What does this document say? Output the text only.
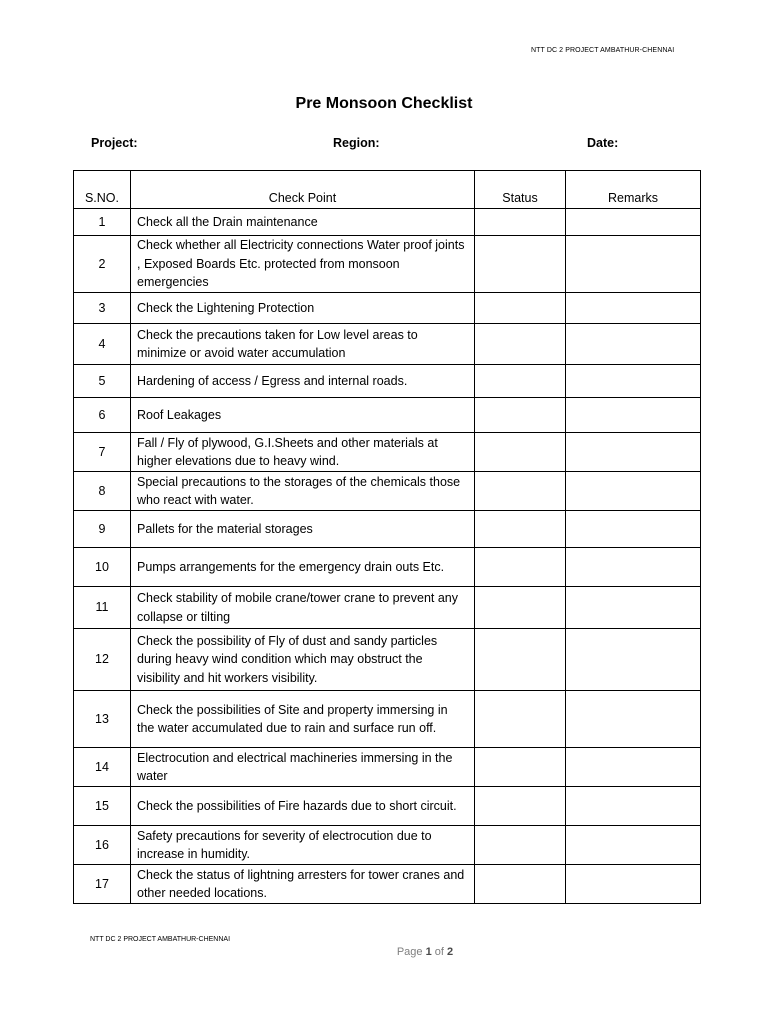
NTT DC 2 PROJECT AMBATHUR-CHENNAI
Pre Monsoon Checklist
Project:	Region:	Date:
S.NO.	Check Point	Status	Remarks
1	Check all the Drain maintenance		
2	Check whether all Electricity connections Water proof joints , Exposed Boards Etc. protected from monsoon emergencies		
3	Check the Lightening Protection		
4	Check the precautions taken for Low level areas to minimize or avoid water accumulation		
5	Hardening of access / Egress and internal roads.		
6	Roof Leakages		
7	Fall / Fly of plywood, G.I.Sheets and other materials at higher elevations due to heavy wind.		
8	Special precautions to the storages of the chemicals those who react with water.		
9	Pallets for the material storages		
10	Pumps arrangements for the emergency drain outs Etc.		
11	Check stability of mobile crane/tower crane to prevent any collapse or tilting		
12	Check the possibility of Fly of dust and sandy particles during heavy wind condition which may obstruct the visibility and hit workers visibility.		
13	Check the possibilities of Site and property immersing in the water accumulated due to rain and surface run off.		
14	Electrocution and electrical machineries immersing in the water		
15	Check the possibilities of Fire hazards due to short circuit.		
16	Safety precautions for severity of electrocution due to increase in humidity.		
17	Check the status of lightning arresters for tower cranes and other needed locations.		
NTT DC 2 PROJECT AMBATHUR-CHENNAI
Page 1 of 2
